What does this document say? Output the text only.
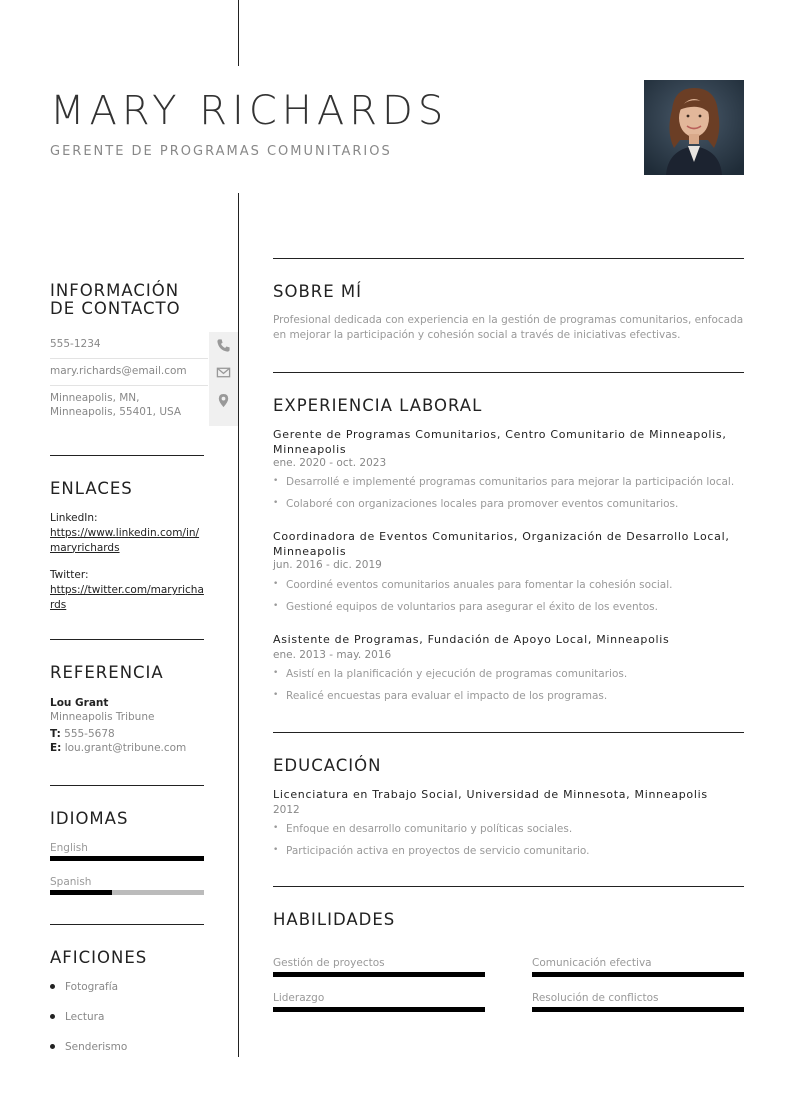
MARY RICHARDS
GERENTE DE PROGRAMAS COMUNITARIOS
INFORMACIÓN
DE CONTACTO
555-1234
mary.richards@email.com
Minneapolis, MN,
Minneapolis, 55401, USA
ENLACES
LinkedIn:
https://www.linkedin.com/in/maryrichards
Twitter:
https://twitter.com/maryrichards
REFERENCIA
Lou Grant
Minneapolis Tribune
T: 555-5678
E: lou.grant@tribune.com
IDIOMAS
English
Spanish
AFICIONES
Fotografía
Lectura
Senderismo
SOBRE MÍ
Profesional dedicada con experiencia en la gestión de programas comunitarios, enfocada en mejorar la participación y cohesión social a través de iniciativas efectivas.
EXPERIENCIA LABORAL
Gerente de Programas Comunitarios, Centro Comunitario de Minneapolis, Minneapolis
ene. 2020 - oct. 2023
• Desarrollé e implementé programas comunitarios para mejorar la participación local.
• Colaboré con organizaciones locales para promover eventos comunitarios.
Coordinadora de Eventos Comunitarios, Organización de Desarrollo Local, Minneapolis
jun. 2016 - dic. 2019
• Coordiné eventos comunitarios anuales para fomentar la cohesión social.
• Gestioné equipos de voluntarios para asegurar el éxito de los eventos.
Asistente de Programas, Fundación de Apoyo Local, Minneapolis
ene. 2013 - may. 2016
• Asistí en la planificación y ejecución de programas comunitarios.
• Realicé encuestas para evaluar el impacto de los programas.
EDUCACIÓN
Licenciatura en Trabajo Social, Universidad de Minnesota, Minneapolis
2012
• Enfoque en desarrollo comunitario y políticas sociales.
• Participación activa en proyectos de servicio comunitario.
HABILIDADES
Gestión de proyectos	Comunicación efectiva
Liderazgo	Resolución de conflictos
